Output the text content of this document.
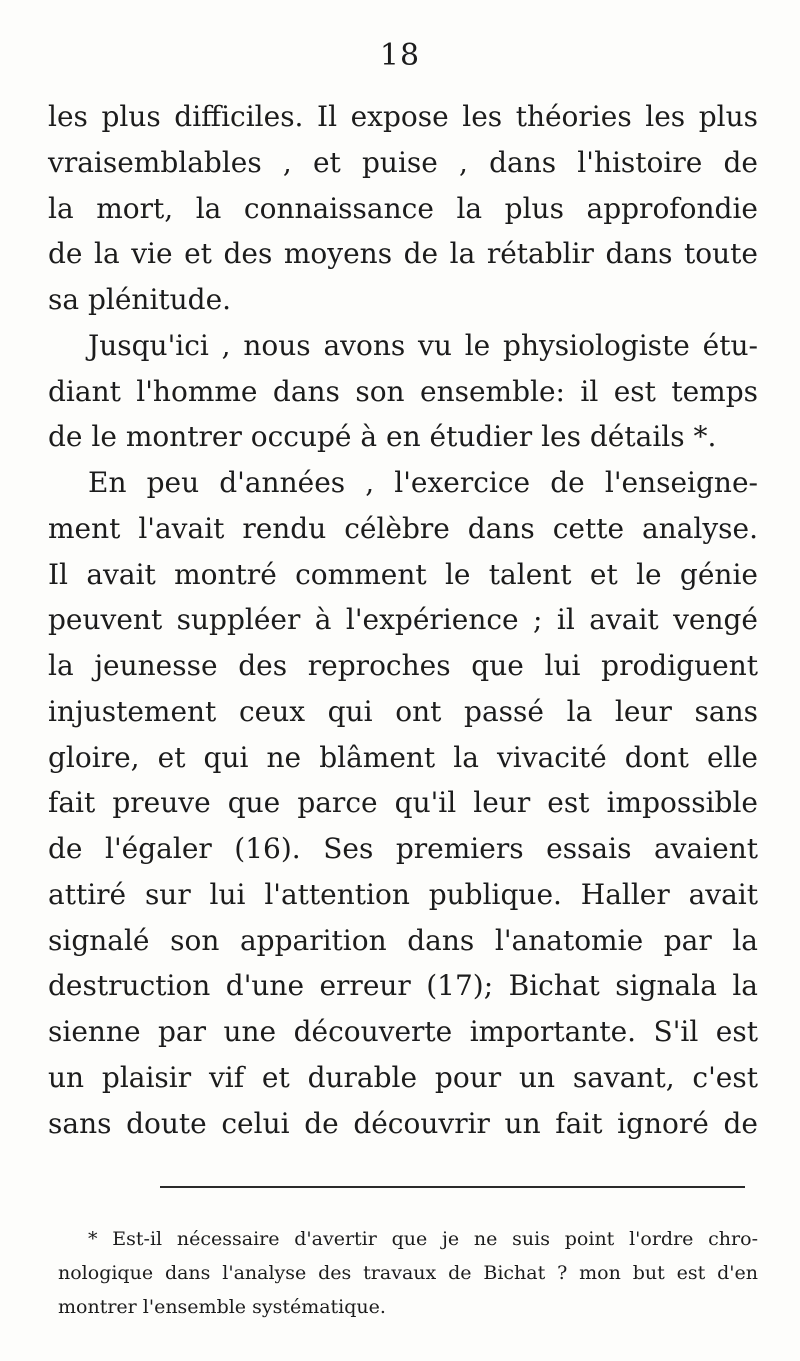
18
les plus difficiles. Il expose les théories les plus
vraisemblables , et puise , dans l'histoire de
la mort, la connaissance la plus approfondie
de la vie et des moyens de la rétablir dans toute
sa plénitude.
Jusqu'ici , nous avons vu le physiologiste étu-
diant l'homme dans son ensemble: il est temps
de le montrer occupé à en étudier les détails *.
En peu d'années , l'exercice de l'enseigne-
ment l'avait rendu célèbre dans cette analyse.
Il avait montré comment le talent et le génie
peuvent suppléer à l'expérience ; il avait vengé
la jeunesse des reproches que lui prodiguent
injustement ceux qui ont passé la leur sans
gloire, et qui ne blâment la vivacité dont elle
fait preuve que parce qu'il leur est impossible
de l'égaler (16). Ses premiers essais avaient
attiré sur lui l'attention publique. Haller avait
signalé son apparition dans l'anatomie par la
destruction d'une erreur (17); Bichat signala la
sienne par une découverte importante. S'il est
un plaisir vif et durable pour un savant, c'est
sans doute celui de découvrir un fait ignoré de
* Est-il nécessaire d'avertir que je ne suis point l'ordre chro-
nologique dans l'analyse des travaux de Bichat ? mon but est d'en
montrer l'ensemble systématique.
